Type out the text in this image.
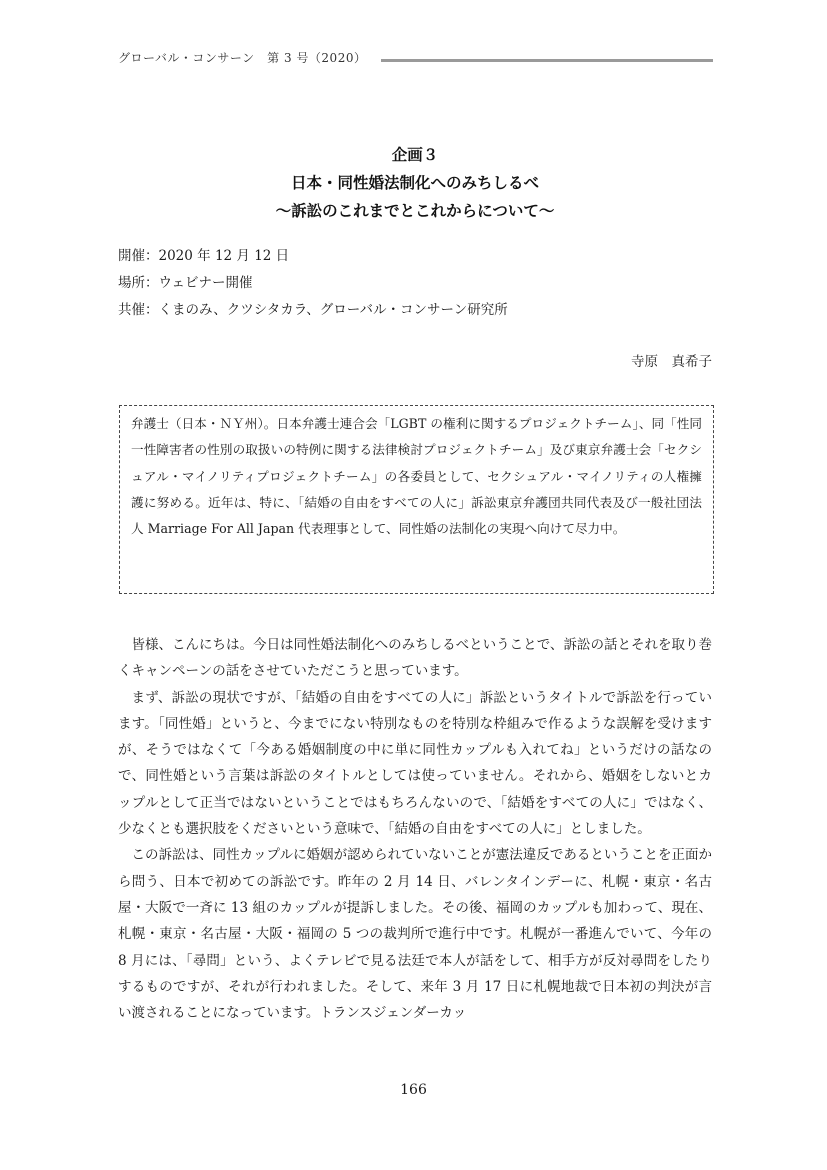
グローバル・コンサーン　第 3 号（2020）
企画３
日本・同性婚法制化へのみちしるべ
〜訴訟のこれまでとこれからについて〜
開催：2020 年 12 月 12 日
場所：ウェビナー開催
共催：くまのみ、クツシタカラ、グローバル・コンサーン研究所
寺原　真希子
弁護士（日本・ＮＹ州）。日本弁護士連合会「LGBT の権利に関するプロジェクトチーム」、同「性同一性障害者の性別の取扱いの特例に関する法律検討プロジェクトチーム」及び東京弁護士会「セクシュアル・マイノリティプロジェクトチーム」の各委員として、セクシュアル・マイノリティの人権擁護に努める。近年は、特に、「結婚の自由をすべての人に」訴訟東京弁護団共同代表及び一般社団法人 Marriage For All Japan 代表理事として、同性婚の法制化の実現へ向けて尽力中。

皆様、こんにちは。今日は同性婚法制化へのみちしるべということで、訴訟の話とそれを取り巻くキャンペーンの話をさせていただこうと思っています。

まず、訴訟の現状ですが、「結婚の自由をすべての人に」訴訟というタイトルで訴訟を行っています。「同性婚」というと、今までにない特別なものを特別な枠組みで作るような誤解を受けますが、そうではなくて「今ある婚姻制度の中に単に同性カップルも入れてね」というだけの話なので、同性婚という言葉は訴訟のタイトルとしては使っていません。それから、婚姻をしないとカップルとして正当ではないということではもちろんないので、「結婚をすべての人に」ではなく、少なくとも選択肢をくださいという意味で、「結婚の自由をすべての人に」としました。

この訴訟は、同性カップルに婚姻が認められていないことが憲法違反であるということを正面から問う、日本で初めての訴訟です。昨年の 2 月 14 日、バレンタインデーに、札幌・東京・名古屋・大阪で一斉に 13 組のカップルが提訴しました。その後、福岡のカップルも加わって、現在、札幌・東京・名古屋・大阪・福岡の 5 つの裁判所で進行中です。札幌が一番進んでいて、今年の 8 月には、「尋問」という、よくテレビで見る法廷で本人が話をして、相手方が反対尋問をしたりするものですが、それが行われました。そして、来年 3 月 17 日に札幌地裁で日本初の判決が言い渡されることになっています。トランスジェンダーカッ

166
